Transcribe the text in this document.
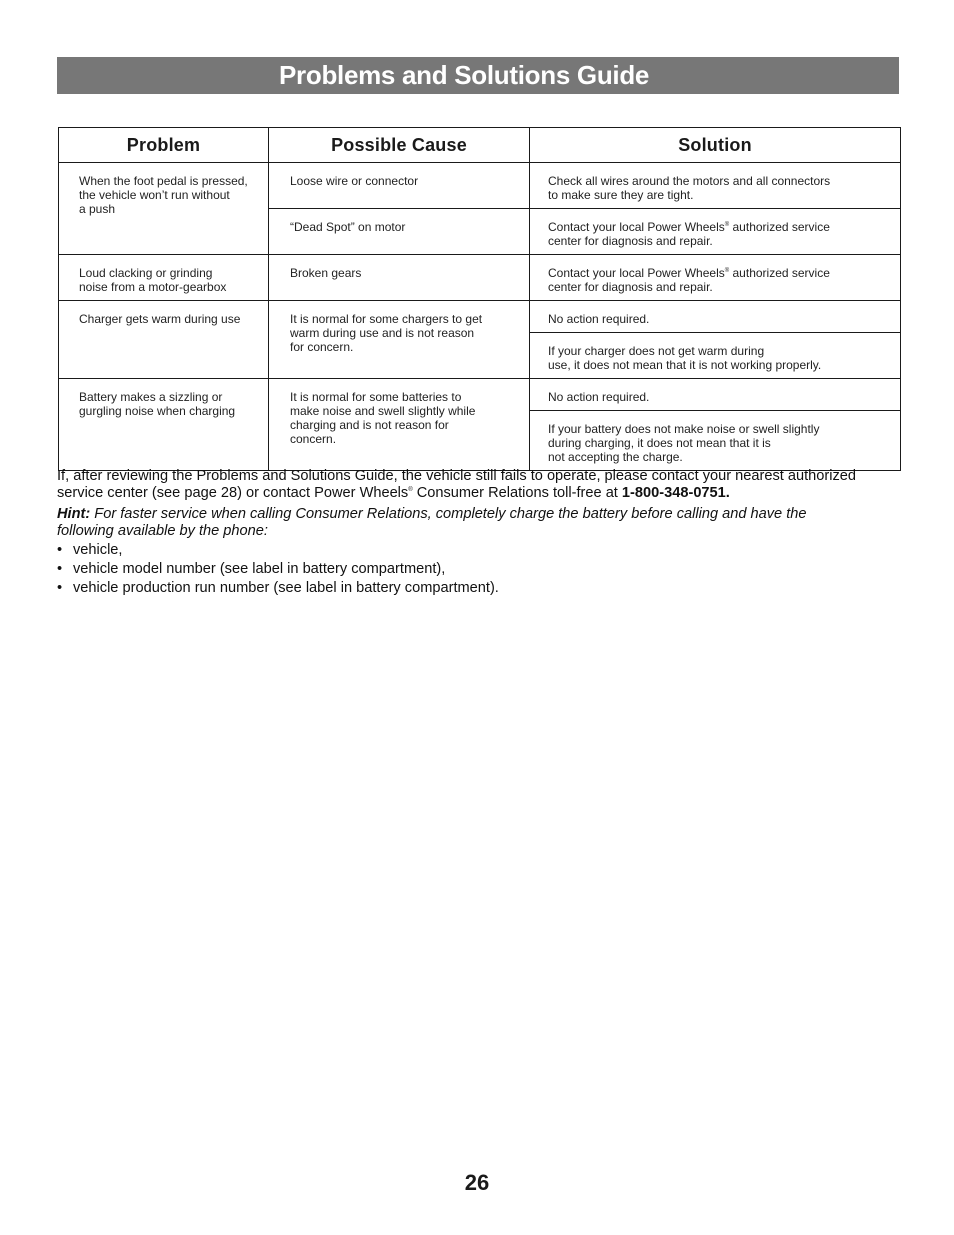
Problems and Solutions Guide
Problem	Possible Cause	Solution
When the foot pedal is pressed,
the vehicle won’t run without
a push	Loose wire or connector	Check all wires around the motors and all connectors
to make sure they are tight.
	“Dead Spot” on motor	Contact your local Power Wheels® authorized service
center for diagnosis and repair.
Loud clacking or grinding
noise from a motor-gearbox	Broken gears	Contact your local Power Wheels® authorized service
center for diagnosis and repair.
Charger gets warm during use	It is normal for some chargers to get
warm during use and is not reason
for concern.	No action required.
		If your charger does not get warm during
use, it does not mean that it is not working properly.
Battery makes a sizzling or
gurgling noise when charging	It is normal for some batteries to
make noise and swell slightly while
charging and is not reason for
concern.	No action required.
		If your battery does not make noise or swell slightly
during charging, it does not mean that it is
not accepting the charge.

If, after reviewing the Problems and Solutions Guide, the vehicle still fails to operate, please contact your nearest authorized service center (see page 28) or contact Power Wheels® Consumer Relations toll-free at 1-800-348-0751.

Hint: For faster service when calling Consumer Relations, completely charge the battery before calling and have the following available by the phone:

• vehicle,
• vehicle model number (see label in battery compartment),
• vehicle production run number (see label in battery compartment).
26
